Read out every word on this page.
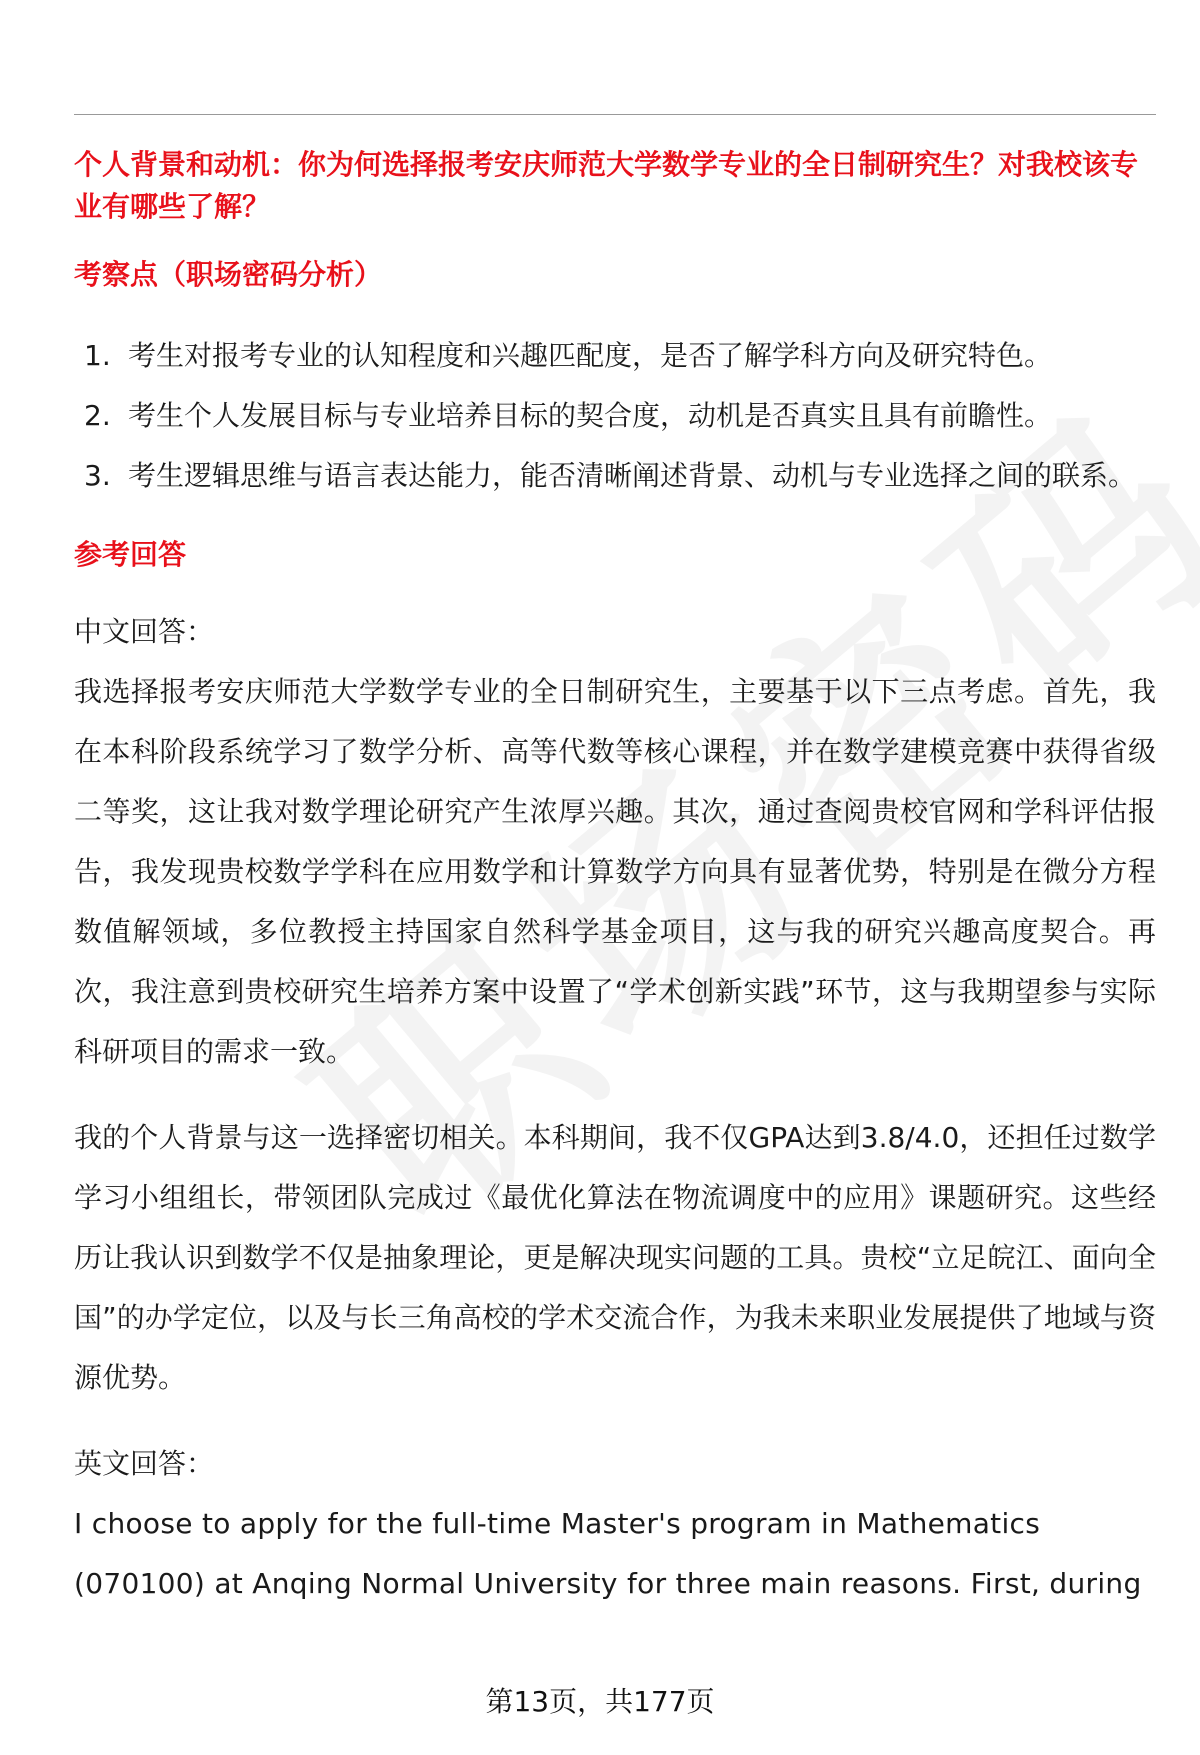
个人背景和动机：你为何选择报考安庆师范大学数学专业的全日制研究生？对我校该专业有哪些了解？
考察点（职场密码分析）
1. 考生对报考专业的认知程度和兴趣匹配度，是否了解学科方向及研究特色。
2. 考生个人发展目标与专业培养目标的契合度，动机是否真实且具有前瞻性。
3. 考生逻辑思维与语言表达能力，能否清晰阐述背景、动机与专业选择之间的联系。
参考回答

中文回答：

我选择报考安庆师范大学数学专业的全日制研究生，主要基于以下三点考虑。首先，我在本科阶段系统学习了数学分析、高等代数等核心课程，并在数学建模竞赛中获得省级二等奖，这让我对数学理论研究产生浓厚兴趣。其次，通过查阅贵校官网和学科评估报告，我发现贵校数学学科在应用数学和计算数学方向具有显著优势，特别是在微分方程数值解领域，多位教授主持国家自然科学基金项目，这与我的研究兴趣高度契合。再次，我注意到贵校研究生培养方案中设置了“学术创新实践”环节，这与我期望参与实际科研项目的需求一致。

我的个人背景与这一选择密切相关。本科期间，我不仅GPA达到3.8/4.0，还担任过数学学习小组组长，带领团队完成过《最优化算法在物流调度中的应用》课题研究。这些经历让我认识到数学不仅是抽象理论，更是解决现实问题的工具。贵校“立足皖江、面向全国”的办学定位，以及与长三角高校的学术交流合作，为我未来职业发展提供了地域与资源优势。

英文回答：

I choose to apply for the full-time Master's program in Mathematics (070100) at Anqing Normal University for three main reasons. First, during

第13页，共177页
